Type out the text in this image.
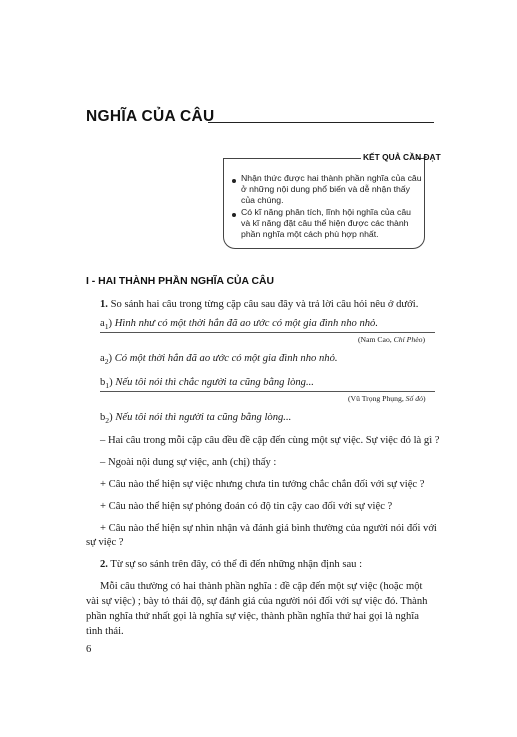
NGHĨA CỦA CÂU
KẾT QUẢ CẦN ĐẠT
Nhận thức được hai thành phần nghĩa của câu
ở những nội dung phổ biến và dễ nhận thấy
của chúng.
Có kĩ năng phân tích, lĩnh hội nghĩa của câu
và kĩ năng đặt câu thể hiện được các thành
phần nghĩa một cách phù hợp nhất.
I - HAI THÀNH PHẦN NGHĨA CỦA CÂU
1. So sánh hai câu trong từng cặp câu sau đây và trả lời câu hỏi nêu ở dưới.
$a_1$) Hình như có một thời hắn đã ao ước có một gia đình nho nhỏ.
(Nam Cao, Chí Phèo)
$a_2$) Có một thời hắn đã ao ước có một gia đình nho nhỏ.
$b_1$) Nếu tôi nói thì chắc người ta cũng bằng lòng...
(Vũ Trọng Phụng, Số đỏ)
$b_2$) Nếu tôi nói thì người ta cũng bằng lòng...
– Hai câu trong mỗi cặp câu đều đề cập đến cùng một sự việc. Sự việc đó là gì ?
– Ngoài nội dung sự việc, anh (chị) thấy :
+ Câu nào thể hiện sự việc nhưng chưa tin tưởng chắc chắn đối với sự việc ?
+ Câu nào thể hiện sự phỏng đoán có độ tin cậy cao đối với sự việc ?
+ Câu nào thể hiện sự nhìn nhận và đánh giá bình thường của người nói đối với
sự việc ?
2. Từ sự so sánh trên đây, có thể đi đến những nhận định sau :
Mỗi câu thường có hai thành phần nghĩa : đề cập đến một sự việc (hoặc một
vài sự việc) ; bày tỏ thái độ, sự đánh giá của người nói đối với sự việc đó. Thành
phần nghĩa thứ nhất gọi là nghĩa sự việc, thành phần nghĩa thứ hai gọi là nghĩa
tình thái.
6
